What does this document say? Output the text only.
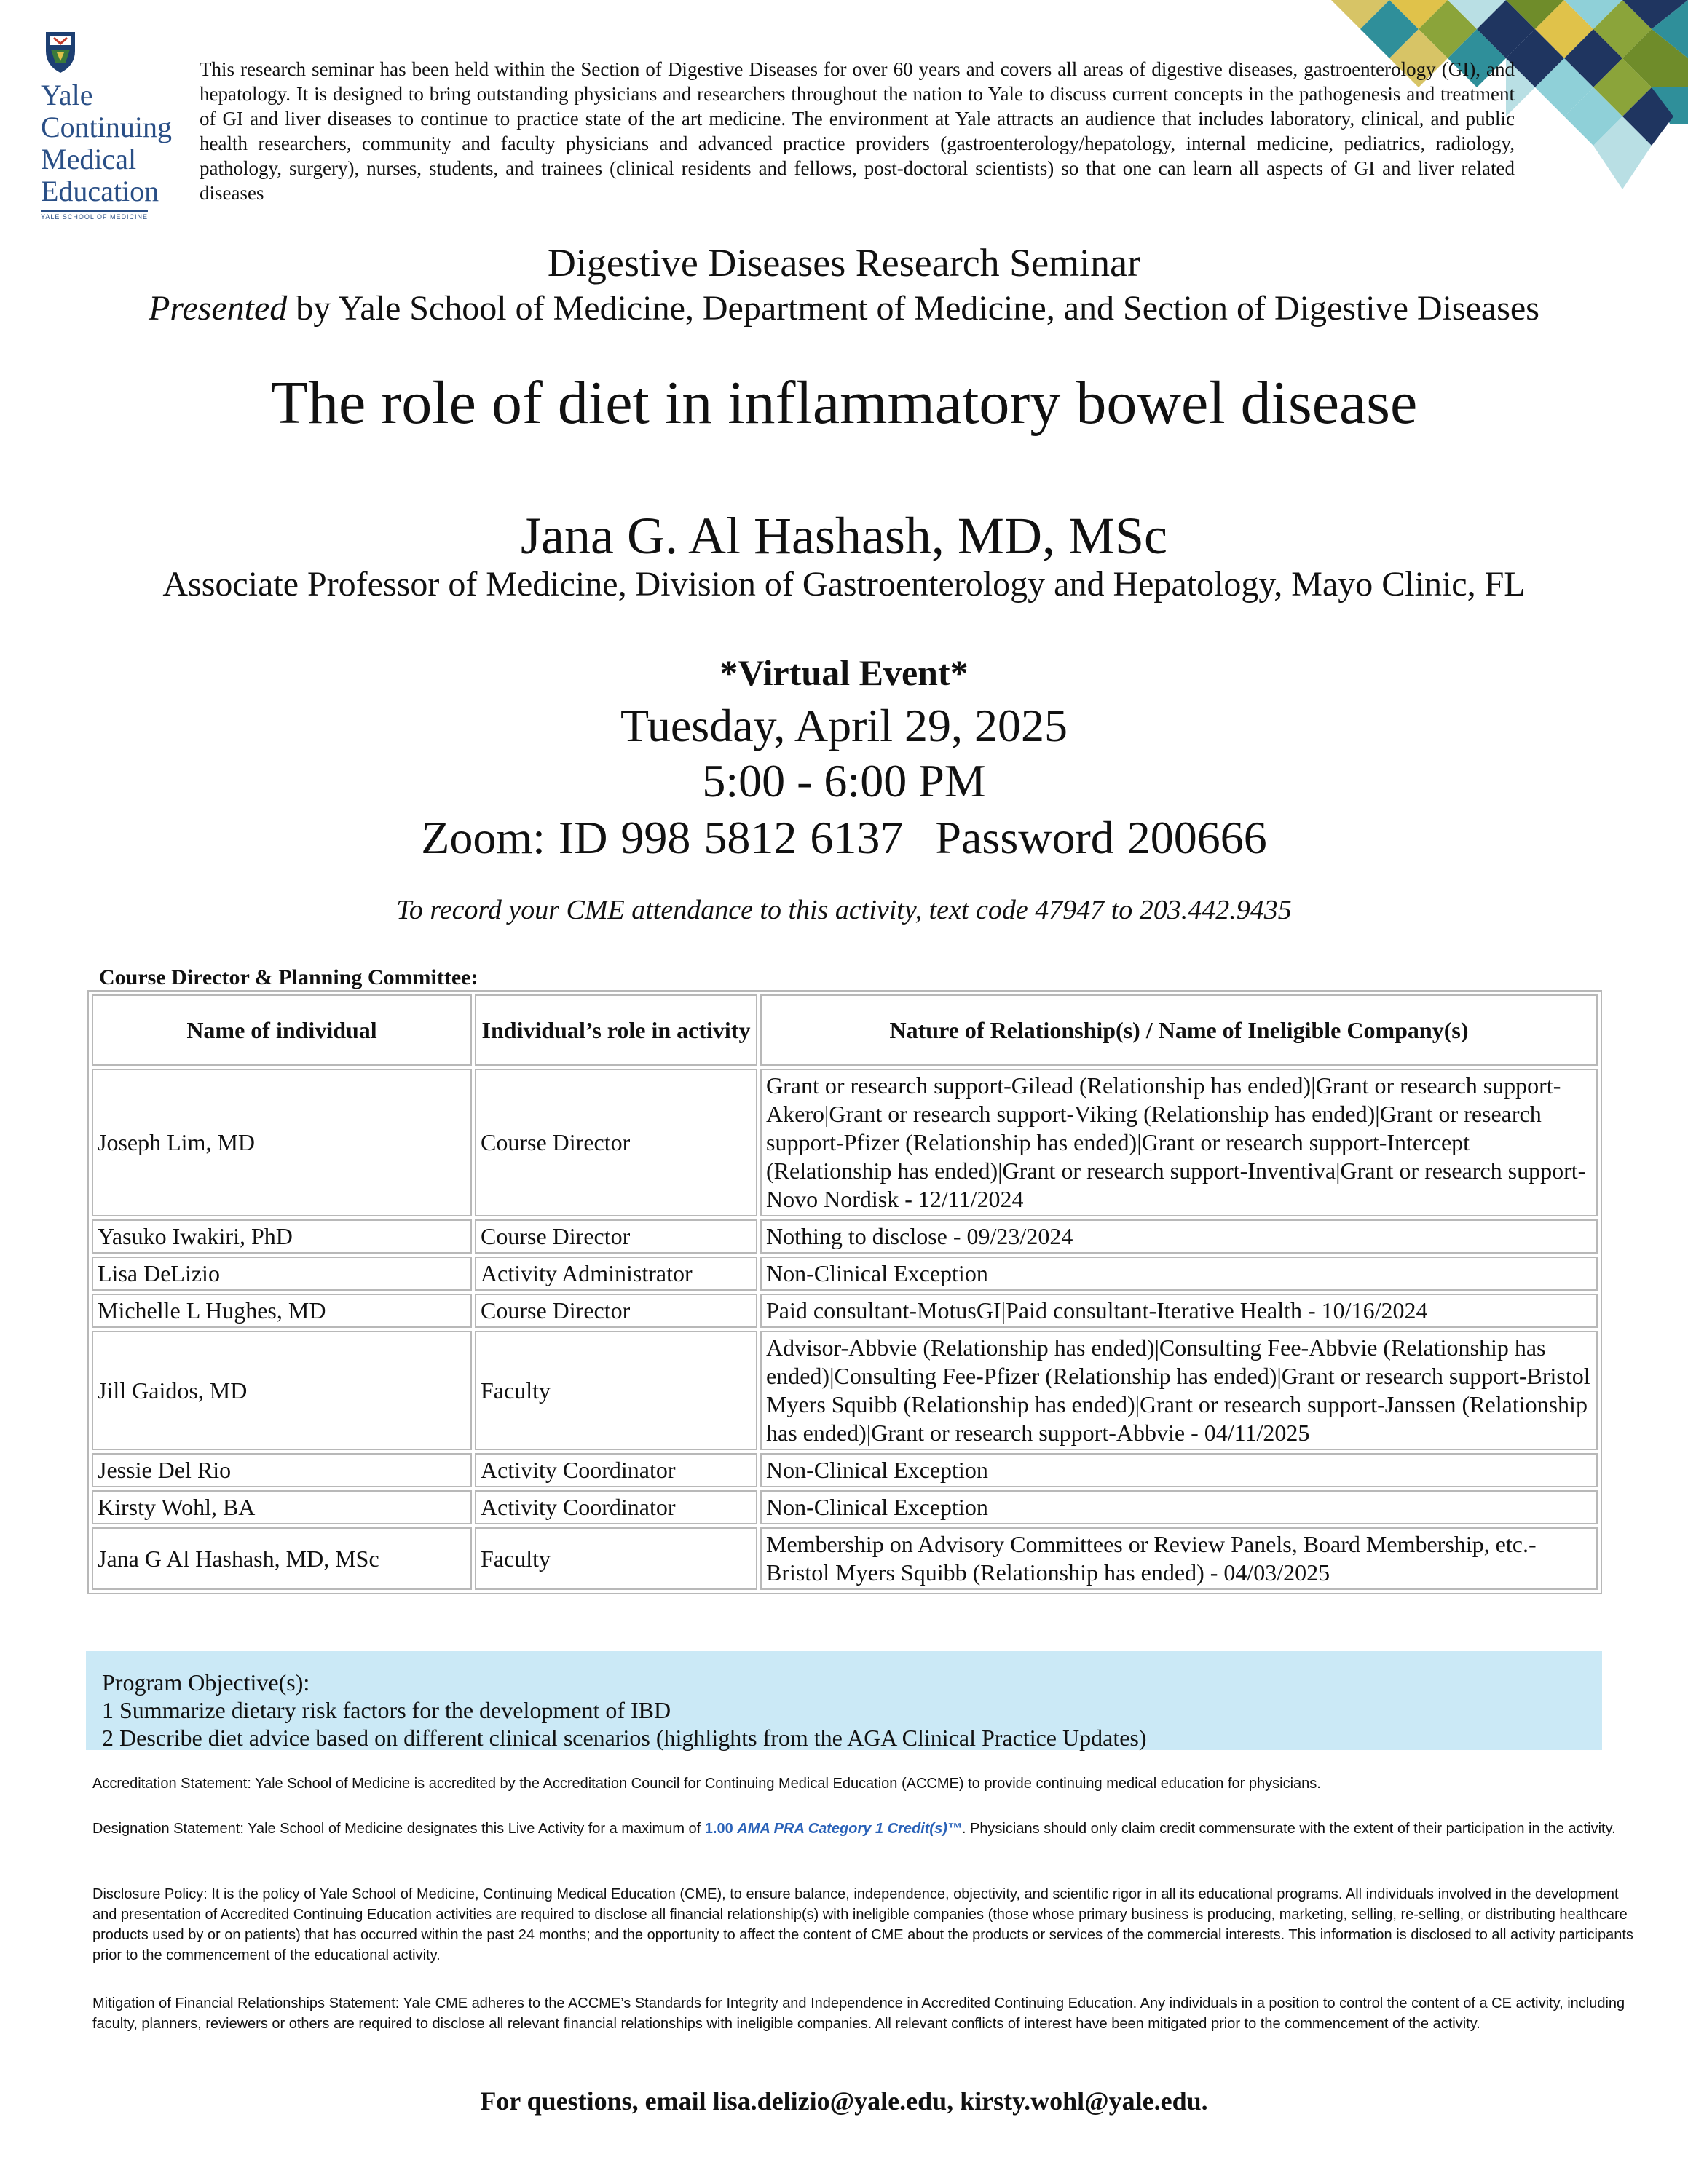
Yale
Continuing
Medical
Education
YALE SCHOOL OF MEDICINE
This research seminar has been held within the Section of Digestive Diseases for over 60 years and covers all areas of digestive diseases, gastroenterology (GI), and hepatology. It is designed to bring outstanding physicians and researchers throughout the nation to Yale to discuss current concepts in the pathogenesis and treatment of GI and liver diseases to continue to practice state of the art medicine. The environment at Yale attracts an audience that includes laboratory, clinical, and public health researchers, community and faculty physicians and advanced practice providers (gastroenterology/hepatology, internal medicine, pediatrics, radiology, pathology, surgery), nurses, students, and trainees (clinical residents and fellows, post-doctoral scientists) so that one can learn all aspects of GI and liver related diseases
Digestive Diseases Research Seminar
Presented by Yale School of Medicine, Department of Medicine, and Section of Digestive Diseases
The role of diet in inflammatory bowel disease
Jana G. Al Hashash, MD, MSc
Associate Professor of Medicine, Division of Gastroenterology and Hepatology, Mayo Clinic, FL
*Virtual Event*
Tuesday, April 29, 2025
5:00 - 6:00 PM
Zoom: ID 998 5812 6137 Password 200666
To record your CME attendance to this activity, text code 47947 to 203.442.9435
Course Director & Planning Committee:
Name of individual	Individual’s role in activity	Nature of Relationship(s) / Name of Ineligible Company(s)
Joseph Lim, MD	Course Director	Grant or research support-Gilead (Relationship has ended)|Grant or research support-Akero|Grant or research support-Viking (Relationship has ended)|Grant or research support-Pfizer (Relationship has ended)|Grant or research support-Intercept (Relationship has ended)|Grant or research support-Inventiva|Grant or research support-Novo Nordisk - 12/11/2024
Yasuko Iwakiri, PhD	Course Director	Nothing to disclose - 09/23/2024
Lisa DeLizio	Activity Administrator	Non-Clinical Exception
Michelle L Hughes, MD	Course Director	Paid consultant-MotusGI|Paid consultant-Iterative Health - 10/16/2024
Jill Gaidos, MD	Faculty	Advisor-Abbvie (Relationship has ended)|Consulting Fee-Abbvie (Relationship has ended)|Consulting Fee-Pfizer (Relationship has ended)|Grant or research support-Bristol Myers Squibb (Relationship has ended)|Grant or research support-Janssen (Relationship has ended)|Grant or research support-Abbvie - 04/11/2025
Jessie Del Rio	Activity Coordinator	Non-Clinical Exception
Kirsty Wohl, BA	Activity Coordinator	Non-Clinical Exception
Jana G Al Hashash, MD, MSc	Faculty	Membership on Advisory Committees or Review Panels, Board Membership, etc.-Bristol Myers Squibb (Relationship has ended) - 04/03/2025
Program Objective(s):
1 Summarize dietary risk factors for the development of IBD
2 Describe diet advice based on different clinical scenarios (highlights from the AGA Clinical Practice Updates)
Accreditation Statement: Yale School of Medicine is accredited by the Accreditation Council for Continuing Medical Education (ACCME) to provide continuing medical education for physicians.
Designation Statement: Yale School of Medicine designates this Live Activity for a maximum of 1.00 AMA PRA Category 1 Credit(s)™. Physicians should only claim credit commensurate with the extent of their participation in the activity.
Disclosure Policy: It is the policy of Yale School of Medicine, Continuing Medical Education (CME), to ensure balance, independence, objectivity, and scientific rigor in all its educational programs. All individuals involved in the development and presentation of Accredited Continuing Education activities are required to disclose all financial relationship(s) with ineligible companies (those whose primary business is producing, marketing, selling, re-selling, or distributing healthcare products used by or on patients) that has occurred within the past 24 months; and the opportunity to affect the content of CME about the products or services of the commercial interests. This information is disclosed to all activity participants prior to the commencement of the educational activity.
Mitigation of Financial Relationships Statement: Yale CME adheres to the ACCME’s Standards for Integrity and Independence in Accredited Continuing Education. Any individuals in a position to control the content of a CE activity, including faculty, planners, reviewers or others are required to disclose all relevant financial relationships with ineligible companies. All relevant conflicts of interest have been mitigated prior to the commencement of the activity.
For questions, email lisa.delizio@yale.edu, kirsty.wohl@yale.edu.
